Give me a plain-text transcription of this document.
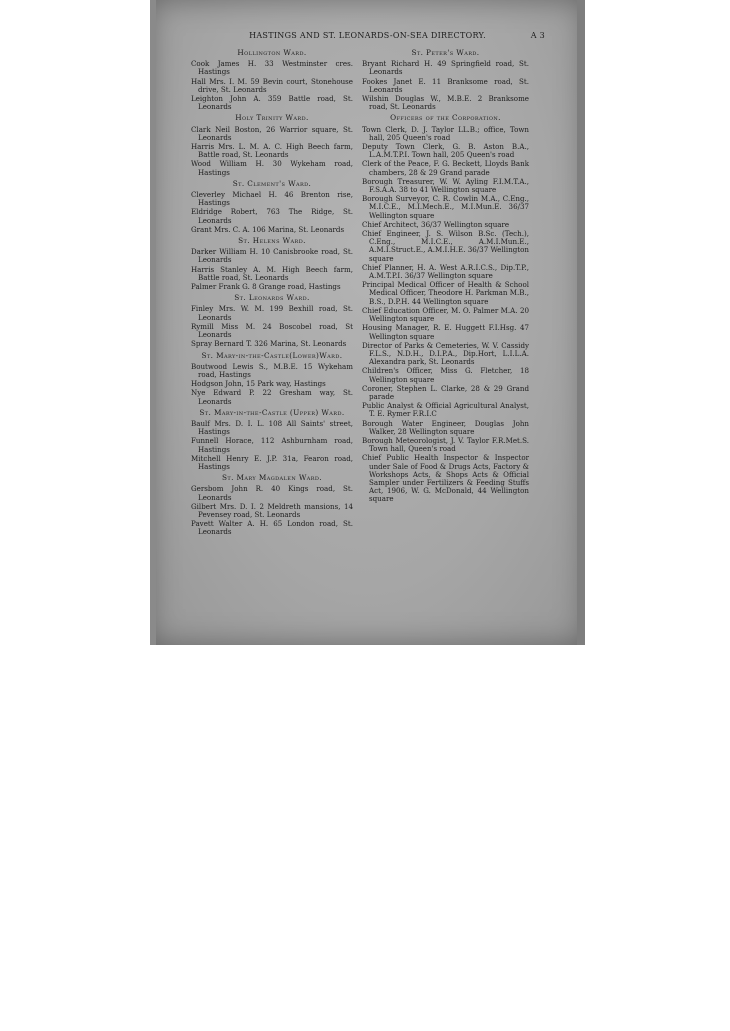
HASTINGS AND ST. LEONARDS-ON-SEA DIRECTORY.	A 3
Hollington Ward.
Cook James H. 33 Westminster cres. Hastings
Hall Mrs. I. M. 59 Bevin court, Stonehouse drive, St. Leonards
Leighton John A. 359 Battle road, St. Leonards
Holy Trinity Ward.
Clark Neil Boston, 26 Warrior square, St. Leonards
Harris Mrs. L. M. A. C. High Beech farm, Battle road, St. Leonards
Wood William H. 30 Wykeham road, Hastings
St. Clement's Ward.
Cleverley Michael H. 46 Brenton rise, Hastings
Eldridge Robert, 763 The Ridge, St. Leonards
Grant Mrs. C. A. 106 Marina, St. Leonards
St. Helens Ward.
Darker William H. 10 Canisbrooke road, St. Leonards
Harris Stanley A. M. High Beech farm, Battle road, St. Leonards
Palmer Frank G. 8 Grange road, Hastings
St. Leonards Ward.
Finley Mrs. W. M. 199 Bexhill road, St. Leonards
Rymill Miss M. 24 Boscobel road, St Leonards
Spray Bernard T. 326 Marina, St. Leonards
St. Mary-in-the-Castle(Lower)Ward.
Boutwood Lewis S., M.B.E. 15 Wykeham road, Hastings
Hodgson John, 15 Park way, Hastings
Nye Edward P. 22 Gresham way, St. Leonards
St. Mary-in-the-Castle (Upper) Ward.
Baulf Mrs. D. I. L. 108 All Saints' street, Hastings
Funnell Horace, 112 Ashburnham road, Hastings
Mitchell Henry E. J.P. 31a, Fearon road, Hastings
St. Mary Magdalen Ward.
Gersbom John R. 40 Kings road, St. Leonards
Gilbert Mrs. D. I. 2 Meldreth mansions, 14 Pevensey road, St. Leonards
Pavett Walter A. H. 65 London road, St. Leonards
St. Peter's Ward.
Bryant Richard H. 49 Springfield road, St. Leonards
Fookes Janet E. 11 Branksome road, St. Leonards
Wilshin Douglas W., M.B.E. 2 Branksome road, St. Leonards
Officers of the Corporation.
Town Clerk, D. J. Taylor LL.B.; office, Town hall, 205 Queen's road
Deputy Town Clerk, G. B. Aston B.A., L.A.M.T.P.I. Town hall, 205 Queen's road
Clerk of the Peace, F. G. Beckett, Lloyds Bank chambers, 28 & 29 Grand parade
Borough Treasurer, W. W. Ayling F.I.M.T.A., F.S.A.A. 38 to 41 Wellington square
Borough Surveyor, C. R. Cowlin M.A., C.Eng., M.I.C.E., M.I.Mech.E., M.I.Mun.E. 36/37 Wellington square
Chief Architect, 36/37 Wellington square
Chief Engineer, J. S. Wilson B.Sc. (Tech.), C.Eng., M.I.C.E., A.M.I.Mun.E., A.M.I.Struct.E., A.M.I.H.E. 36/37 Wellington square
Chief Planner, H. A. West A.R.I.C.S., Dip.T.P., A.M.T.P.I. 36/37 Wellington square
Principal Medical Officer of Health & School Medical Officer, Theodore H. Parkman M.B., B.S., D.P.H. 44 Wellington square
Chief Education Officer, M. O. Palmer M.A. 20 Wellington square
Housing Manager, R. E. Huggett F.I.Hsg. 47 Wellington square
Director of Parks & Cemeteries, W. V. Cassidy F.L.S., N.D.H., D.I.P.A., Dip.Hort, L.I.L.A. Alexandra park, St. Leonards
Children's Officer, Miss G. Fletcher, 18 Wellington square
Coroner, Stephen L. Clarke, 28 & 29 Grand parade
Public Analyst & Official Agricultural Analyst, T. E. Rymer F.R.I.C
Borough Water Engineer, Douglas John Walker, 28 Wellington square
Borough Meteorologist, J. V. Taylor F.R.Met.S. Town hall, Queen's road
Chief Public Health Inspector & Inspector under Sale of Food & Drugs Acts, Factory & Workshops Acts, & Shops Acts & Official Sampler under Fertilizers & Feeding Stuffs Act, 1906, W. G. McDonald, 44 Wellington square
